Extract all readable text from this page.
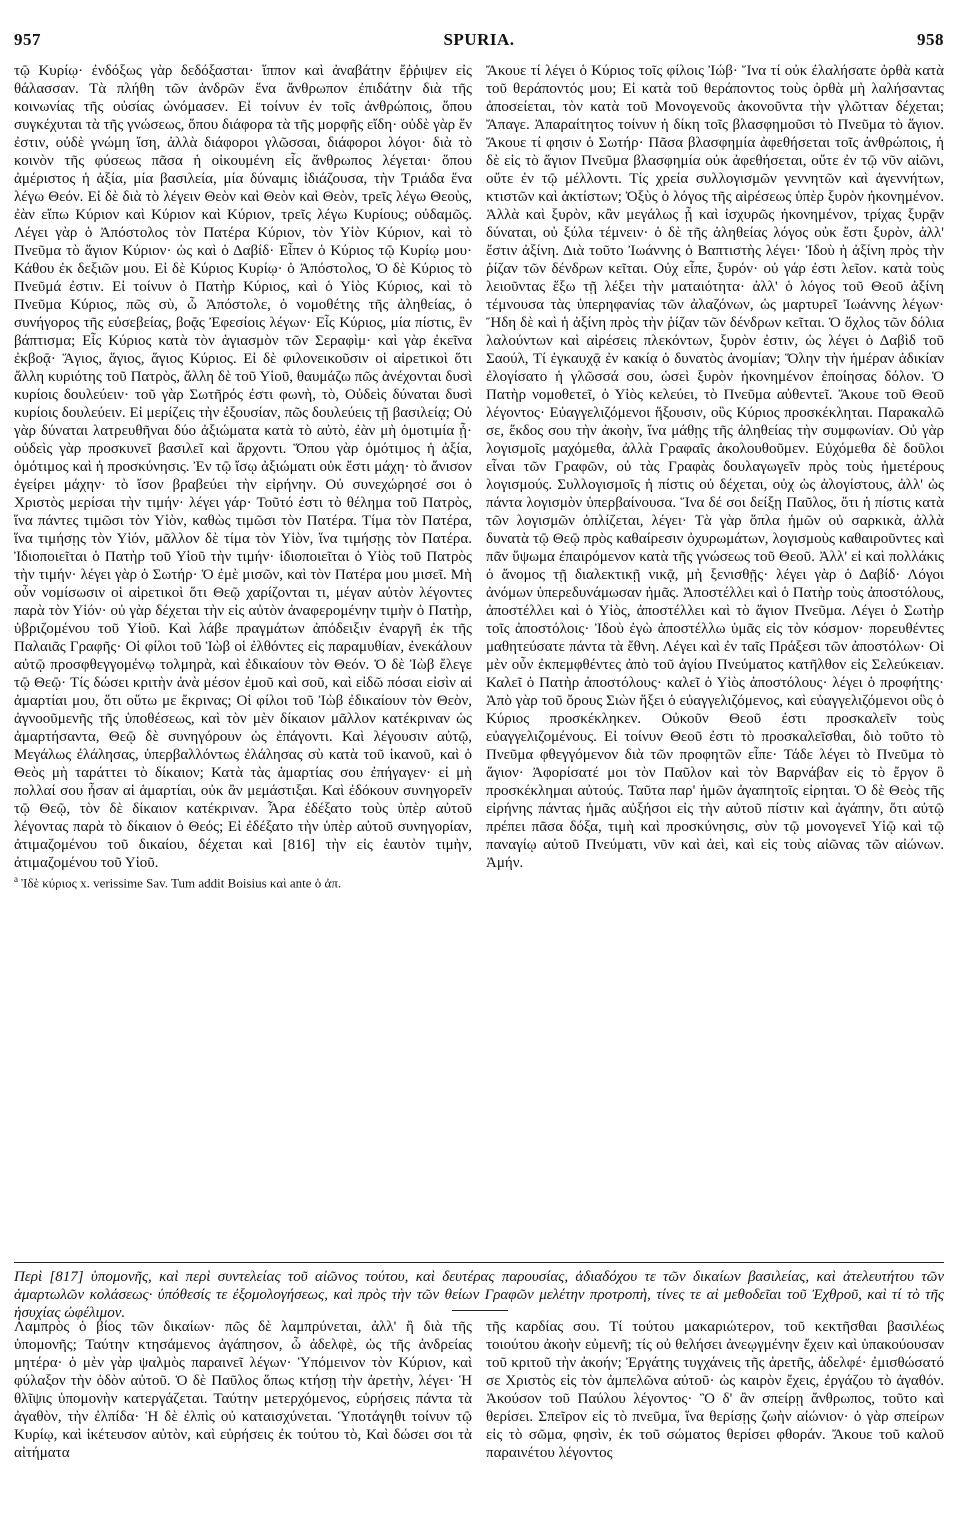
957	SPURIA.	958

τῷ Κυρίῳ· ἐνδόξως γὰρ δεδόξασται· ἵππον καὶ ἀναβάτην ἔῤῥιψεν εἰς θάλασσαν. Τὰ πλήθη τῶν ἀνδρῶν ἕνα ἄνθρωπον ἐπιδάτην διὰ τῆς κοινωνίας τῆς οὐσίας ὠνόμασεν. Εἰ τοίνυν ἐν τοῖς ἀνθρώποις, ὅπου συγκέχυται τὰ τῆς γνώσεως, ὅπου διάφορα τὰ τῆς μορφῆς εἴδη· οὐδὲ γὰρ ἕν ἐστιν, οὐδὲ γνώμη ἴση, ἀλλὰ διάφοροι γλῶσσαι, διάφοροι λόγοι· διὰ τὸ κοινὸν τῆς φύσεως πᾶσα ἡ οἰκουμένη εἷς ἄνθρωπος λέγεται· ὅπου ἀμέριστος ἡ ἀξία, μία βασιλεία, μία δύναμις ἰδιάζουσα, τὴν Τριάδα ἕνα λέγω Θεόν. Εἰ δὲ διὰ τὸ λέγειν Θεὸν καὶ Θεὸν καὶ Θεὸν, τρεῖς λέγω Θεοὺς, ἐὰν εἴπω Κύριον καὶ Κύριον καὶ Κύριον, τρεῖς λέγω Κυρίους; οὐδαμῶς. Λέγει γὰρ ὁ Ἀπόστολος τὸν Πατέρα Κύριον, τὸν Υἱὸν Κύριον, καὶ τὸ Πνεῦμα τὸ ἅγιον Κύριον· ὡς καὶ ὁ Δαβίδ· Εἶπεν ὁ Κύριος τῷ Κυρίῳ μου· Κάθου ἐκ δεξιῶν μου. Εἰ δὲ Κύριος Κυρίῳ· ὁ Ἀπόστολος, Ὁ δὲ Κύριος τὸ Πνεῦμά ἐστιν. Εἰ τοίνυν ὁ Πατὴρ Κύριος, καὶ ὁ Υἱὸς Κύριος, καὶ τὸ Πνεῦμα Κύριος, πῶς σὺ, ὦ Ἀπόστολε, ὁ νομοθέτης τῆς ἀληθείας, ὁ συνήγορος τῆς εὐσεβείας, βοᾷς Ἐφεσίοις λέγων· Εἷς Κύριος, μία πίστις, ἓν βάπτισμα; Εἷς Κύριος κατὰ τὸν ἁγιασμὸν τῶν Σεραφὶμ· καὶ γὰρ ἐκεῖνα ἐκβοᾷ· Ἅγιος, ἅγιος, ἅγιος Κύριος. Εἰ δὲ φιλονεικοῦσιν οἱ αἱρετικοὶ ὅτι ἄλλη κυριότης τοῦ Πατρὸς, ἄλλη δὲ τοῦ Υἱοῦ, θαυμάζω πῶς ἀνέχονται δυσὶ κυρίοις δουλεύειν· τοῦ γὰρ Σωτῆρός ἐστι φωνὴ, τὸ, Οὐδεὶς δύναται δυσὶ κυρίοις δουλεύειν. Εἰ μερίζεις τὴν ἐξουσίαν, πῶς δουλεύεις τῇ βασιλείᾳ; Οὐ γὰρ δύναται λατρευθῆναι δύο ἀξιώματα κατὰ τὸ αὐτὸ, ἐὰν μὴ ὁμοτιμία ᾖ· οὐδεὶς γὰρ προσκυνεῖ βασιλεῖ καὶ ἄρχοντι. Ὅπου γὰρ ὁμότιμος ἡ ἀξία, ὁμότιμος καὶ ἡ προσκύνησις. Ἐν τῷ ἴσῳ ἀξιώματι οὐκ ἔστι μάχη· τὸ ἄνισον ἐγείρει μάχην· τὸ ἴσον βραβεύει τὴν εἰρήνην. Οὐ συνεχώρησέ σοι ὁ Χριστὸς μερίσαι τὴν τιμήν· λέγει γάρ· Τοῦτό ἐστι τὸ θέλημα τοῦ Πατρὸς, ἵνα πάντες τιμῶσι τὸν Υἱὸν, καθὼς τιμῶσι τὸν Πατέρα. Τίμα τὸν Πατέρα, ἵνα τιμήσῃς τὸν Υἱόν, μᾶλλον δὲ τίμα τὸν Υἱὸν, ἵνα τιμήσῃς τὸν Πατέρα. Ἰδιοποιεῖται ὁ Πατὴρ τοῦ Υἱοῦ τὴν τιμήν· ἰδιοποιεῖται ὁ Υἱὸς τοῦ Πατρὸς τὴν τιμήν· λέγει γὰρ ὁ Σωτήρ· Ὁ ἐμὲ μισῶν, καὶ τὸν Πατέρα μου μισεῖ. Μὴ οὖν νομίσωσιν οἱ αἱρετικοὶ ὅτι Θεῷ χαρίζονται τι, μέγαν αὐτὸν λέγοντες παρὰ τὸν Υἱόν· οὐ γὰρ δέχεται τὴν εἰς αὐτὸν ἀναφερομένην τιμὴν ὁ Πατὴρ, ὑβριζομένου τοῦ Υἱοῦ. Καὶ λάβε πραγμάτων ἀπόδειξιν ἐναργῆ ἐκ τῆς Παλαιᾶς Γραφῆς· Οἱ φίλοι τοῦ Ἰὼβ οἱ ἐλθόντες εἰς παραμυθίαν, ἐνεκάλουν αὐτῷ προσφθεγγομένῳ τολμηρὰ, καὶ ἐδικαίουν τὸν Θεόν. Ὁ δὲ Ἰὼβ ἔλεγε τῷ Θεῷ· Τίς δώσει κριτὴν ἀνὰ μέσον ἐμοῦ καὶ σοῦ, καὶ εἰδῶ πόσαι εἰσὶν αἱ ἁμαρτίαι μου, ὅτι οὕτω με ἔκρινας; Οἱ φίλοι τοῦ Ἰὼβ ἐδικαίουν τὸν Θεὸν, ἀγνοοῦμενῆς τῆς ὑποθέσεως, καὶ τὸν μὲν δίκαιον μᾶλλον κατέκριναν ὡς ἁμαρτήσαντα, Θεῷ δὲ συνηγόρουν ὡς ἐπάγοντι. Καὶ λέγουσιν αὐτῷ, Μεγάλως ἐλάλησας, ὑπερβαλλόντως ἐλάλησας σὺ κατὰ τοῦ ἱκανοῦ, καὶ ὁ Θεὸς μὴ ταράττει τὸ δίκαιον; Κατὰ τὰς ἁμαρτίας σου ἐπήγαγεν· εἰ μὴ πολλαί σου ἦσαν αἱ ἁμαρτίαι, οὐκ ἂν μεμάστιξαι. Καὶ ἐδόκουν συνηγορεῖν τῷ Θεῷ, τὸν δὲ δίκαιον κατέκριναν. Ἆρα ἐδέξατο τοὺς ὑπὲρ αὐτοῦ λέγοντας παρὰ τὸ δίκαιον ὁ Θεός; Εἰ ἐδέξατο τὴν ὑπὲρ αὐτοῦ συνηγορίαν, ἀτιμαζομένου τοῦ δικαίου, δέχεται καὶ [816] τὴν εἰς ἑαυτὸν τιμὴν, ἀτιμαζομένου τοῦ Υἱοῦ.

$^a$ Ἰδὲ κύριος x. verissime Sav. Tum addit Boisius καὶ ante ὁ ἀπ.

Ἄκουε τί λέγει ὁ Κύριος τοῖς φίλοις Ἰώβ· Ἵνα τί οὐκ ἐλαλήσατε ὀρθὰ κατὰ τοῦ θεράποντός μου; Εἰ κατὰ τοῦ θεράποντος τοὺς ὀρθὰ μὴ λαλήσαντας ἀποσείεται, τὸν κατὰ τοῦ Μονογενοῦς ἀκονοῦντα τὴν γλῶτταν δέχεται; Ἄπαγε. Ἀπαραίτητος τοίνυν ἡ δίκη τοῖς βλασφημοῦσι τὸ Πνεῦμα τὸ ἅγιον. Ἄκουε τί φησιν ὁ Σωτήρ· Πᾶσα βλασφημία ἀφεθήσεται τοῖς ἀνθρώποις, ἡ δὲ εἰς τὸ ἅγιον Πνεῦμα βλασφημία οὐκ ἀφεθήσεται, οὔτε ἐν τῷ νῦν αἰῶνι, οὔτε ἐν τῷ μέλλοντι. Τίς χρεία συλλογισμῶν γεννητῶν καὶ ἀγεννήτων, κτιστῶν καὶ ἀκτίστων; Ὀξὺς ὁ λόγος τῆς αἱρέσεως ὑπὲρ ξυρὸν ἠκονημένον. Ἀλλὰ καὶ ξυρὸν, κἂν μεγάλως ᾖ καὶ ἰσχυρῶς ἠκονημένον, τρίχας ξυρᾷν δύναται, οὐ ξύλα τέμνειν· ὁ δὲ τῆς ἀληθείας λόγος οὐκ ἔστι ξυρὸν, ἀλλ' ἔστιν ἀξίνη. Διὰ τοῦτο Ἰωάννης ὁ Βαπτιστὴς λέγει· Ἰδοὺ ἡ ἀξίνη πρὸς τὴν ῥίζαν τῶν δένδρων κεῖται. Οὐχ εἶπε, ξυρόν· οὐ γάρ ἐστι λεῖον. κατὰ τοὺς λειοῦντας ἔξω τῇ λέξει τὴν ματαιότητα· ἀλλ' ὁ λόγος τοῦ Θεοῦ ἀξίνη τέμνουσα τὰς ὑπερηφανίας τῶν ἀλαζόνων, ὡς μαρτυρεῖ Ἰωάννης λέγων· Ἤδη δὲ καὶ ἡ ἀξίνη πρὸς τὴν ῥίζαν τῶν δένδρων κεῖται. Ὁ ὄχλος τῶν δόλια λαλούντων καὶ αἱρέσεις πλεκόντων, ξυρὸν ἐστιν, ὡς λέγει ὁ Δαβὶδ τοῦ Σαούλ, Τί ἐγκαυχᾷ ἐν κακίᾳ ὁ δυνατὸς ἀνομίαν; Ὅλην τὴν ἡμέραν ἀδικίαν ἐλογίσατο ἡ γλῶσσά σου, ὡσεὶ ξυρὸν ἠκονημένον ἐποίησας δόλον. Ὁ Πατὴρ νομοθετεῖ, ὁ Υἱὸς κελεύει, τὸ Πνεῦμα αὐθεντεῖ. Ἄκουε τοῦ Θεοῦ λέγοντος· Εὐαγγελιζόμενοι ἥξουσιν, οὓς Κύριος προσκέκληται. Παρακαλῶ σε, ἔκδος σου τὴν ἀκοὴν, ἵνα μάθῃς τῆς ἀληθείας τὴν συμφωνίαν. Οὐ γὰρ λογισμοῖς μαχόμεθα, ἀλλὰ Γραφαῖς ἀκολουθοῦμεν. Εὐχόμεθα δὲ δοῦλοι εἶναι τῶν Γραφῶν, οὐ τὰς Γραφὰς δουλαγωγεῖν πρὸς τοὺς ἡμετέρους λογισμούς. Συλλογισμοῖς ἡ πίστις οὐ δέχεται, οὐχ ὡς ἀλογίστους, ἀλλ' ὡς πάντα λογισμὸν ὑπερβαίνουσα. Ἵνα δέ σοι δείξῃ Παῦλος, ὅτι ἡ πίστις κατὰ τῶν λογισμῶν ὁπλίζεται, λέγει· Τὰ γὰρ ὅπλα ἡμῶν οὐ σαρκικὰ, ἀλλὰ δυνατὰ τῷ Θεῷ πρὸς καθαίρεσιν ὀχυρωμάτων, λογισμοὺς καθαιροῦντες καὶ πᾶν ὕψωμα ἐπαιρόμενον κατὰ τῆς γνώσεως τοῦ Θεοῦ. Ἀλλ' εἰ καὶ πολλάκις ὁ ἄνομος τῇ διαλεκτικῇ νικᾷ, μὴ ξενισθῇς· λέγει γὰρ ὁ Δαβίδ· Λόγοι ἀνόμων ὑπερεδυνάμωσαν ἡμᾶς. Ἀποστέλλει καὶ ὁ Πατὴρ τοὺς ἀποστόλους, ἀποστέλλει καὶ ὁ Υἱὸς, ἀποστέλλει καὶ τὸ ἅγιον Πνεῦμα. Λέγει ὁ Σωτὴρ τοῖς ἀποστόλοις· Ἰδοὺ ἐγὼ ἀποστέλλω ὑμᾶς εἰς τὸν κόσμον· πορευθέντες μαθητεύσατε πάντα τὰ ἔθνη. Λέγει καὶ ἐν ταῖς Πράξεσι τῶν ἀποστόλων· Οἱ μὲν οὖν ἐκπεμφθέντες ἀπὸ τοῦ ἁγίου Πνεύματος κατῆλθον εἰς Σελεύκειαν. Καλεῖ ὁ Πατὴρ ἀποστόλους· καλεῖ ὁ Υἱὸς ἀποστόλους· λέγει ὁ προφήτης· Ἀπὸ γὰρ τοῦ ὄρους Σιὼν ἥξει ὁ εὐαγγελιζόμενος, καὶ εὐαγγελιζόμενοι οὓς ὁ Κύριος προσκέκληκεν. Οὐκοῦν Θεοῦ ἐστι προσκαλεῖν τοὺς εὐαγγελιζομένους. Εἰ τοίνυν Θεοῦ ἐστι τὸ προσκαλεῖσθαι, διὸ τοῦτο τὸ Πνεῦμα φθεγγόμενον διὰ τῶν προφητῶν εἶπε· Τάδε λέγει τὸ Πνεῦμα τὸ ἅγιον· Ἀφορίσατέ μοι τὸν Παῦλον καὶ τὸν Βαρνάβαν εἰς τὸ ἔργον ὃ προσκέκλημαι αὐτούς. Ταῦτα παρ' ἡμῶν ἀγαπητοῖς εἰρηται. Ὁ δὲ Θεὸς τῆς εἰρήνης πάντας ἡμᾶς αὐξήσοι εἰς τὴν αὐτοῦ πίστιν καὶ ἀγάπην, ὅτι αὐτῷ πρέπει πᾶσα δόξα, τιμὴ καὶ προσκύνησις, σὺν τῷ μονογενεῖ Υἱῷ καὶ τῷ παναγίῳ αὐτοῦ Πνεύματι, νῦν καὶ ἀεὶ, καὶ εἰς τοὺς αἰῶνας τῶν αἰώνων. Ἀμήν.

Περὶ [817] ὑπομονῆς, καὶ περὶ συντελείας τοῦ αἰῶνος τούτου, καὶ δευτέρας παρουσίας, ἀδιαδόχου τε τῶν δικαίων βασιλείας, καὶ ἀτελευτήτου τῶν ἁμαρτωλῶν κολάσεως· ὑπόθεσίς τε ἐξομολογήσεως, καὶ πρὸς τὴν τῶν θείων Γραφῶν μελέτην προτροπὴ, τίνες τε αἱ μεθοδεῖαι τοῦ Ἐχθροῦ, καὶ τί τὸ τῆς ἡσυχίας ὠφέλιμον.

Λαμπρὸς ὁ βίος τῶν δικαίων· πῶς δὲ λαμπρύνεται, ἀλλ' ἢ διὰ τῆς ὑπομονῆς; Ταύτην κτησάμενος ἀγάπησον, ὦ ἀδελφὲ, ὡς τῆς ἀνδρείας μητέρα· ὁ μὲν γὰρ ψαλμὸς παραινεῖ λέγων· Ὑπόμεινον τὸν Κύριον, καὶ φύλαξον τὴν ὁδὸν αὐτοῦ. Ὁ δὲ Παῦλος ὅπως κτήσῃ τὴν ἀρετὴν, λέγει· Ἡ θλῖψις ὑπομονὴν κατεργάζεται. Ταύτην μετερχόμενος, εὑρήσεις πάντα τὰ ἀγαθὸν, τὴν ἐλπίδα· Ἡ δὲ ἐλπὶς οὐ καταισχύνεται. Ὑποτάγηθι τοίνυν τῷ Κυρίῳ, καὶ ἱκέτευσον αὐτὸν, καὶ εὑρήσεις ἐκ τούτου τὸ, Καὶ δώσει σοι τὰ αἰτήματα

τῆς καρδίας σου. Τί τούτου μακαριώτερον, τοῦ κεκτῆσθαι βασιλέως τοιούτου ἀκοὴν εὐμενῆ; τίς οὐ θελήσει ἀνεῳγμένην ἔχειν καὶ ὑπακούουσαν τοῦ κριτοῦ τὴν ἀκοήν; Ἐργάτης τυγχάνεις τῆς ἀρετῆς, ἀδελφέ· ἐμισθώσατό σε Χριστὸς εἰς τὸν ἀμπελῶνα αὐτοῦ· ὡς καιρὸν ἔχεις, ἐργάζου τὸ ἀγαθόν. Ἀκούσον τοῦ Παύλου λέγοντος· Ὃ δ' ἂν σπείρῃ ἄνθρωπος, τοῦτο καὶ θερίσει. Σπεῖρον εἰς τὸ πνεῦμα, ἵνα θερίσῃς ζωὴν αἰώνιον· ὁ γὰρ σπείρων εἰς τὸ σῶμα, φησὶν, ἐκ τοῦ σώματος θερίσει φθοράν. Ἄκουε τοῦ καλοῦ παραινέτου λέγοντος
